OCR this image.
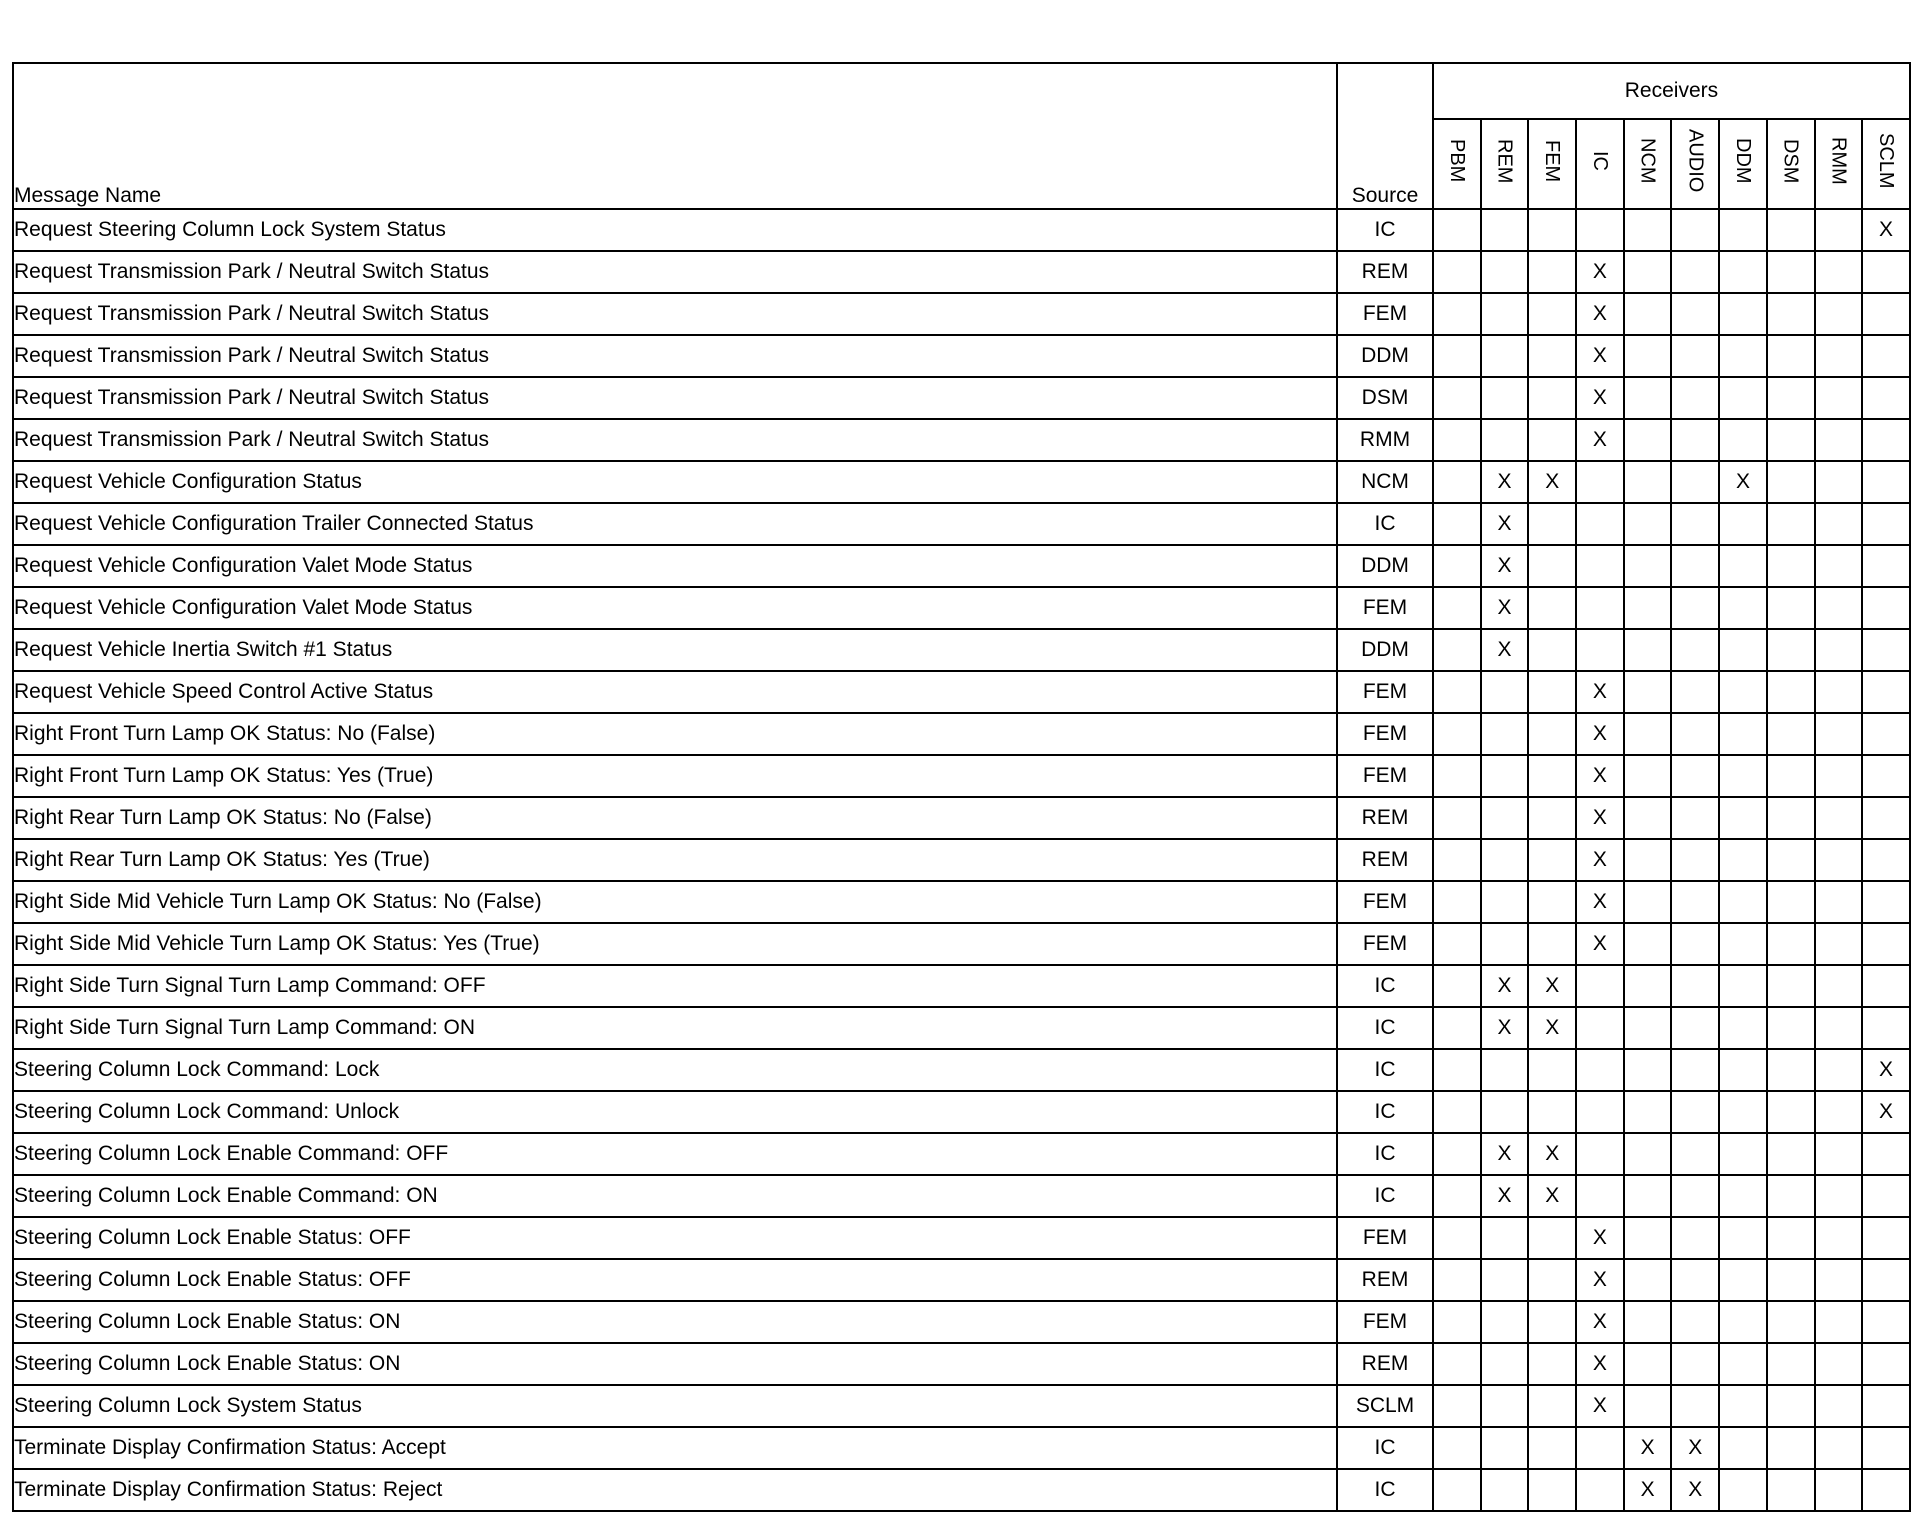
Message Name	Source	Receivers									
		PBM	REM	FEM	IC	NCM	AUDIO	DDM	DSM	RMM	SCLM
Request Steering Column Lock System Status	IC										X
Request Transmission Park / Neutral Switch Status	REM				X						
Request Transmission Park / Neutral Switch Status	FEM				X						
Request Transmission Park / Neutral Switch Status	DDM				X						
Request Transmission Park / Neutral Switch Status	DSM				X						
Request Transmission Park / Neutral Switch Status	RMM				X						
Request Vehicle Configuration Status	NCM		X	X				X			
Request Vehicle Configuration Trailer Connected Status	IC		X								
Request Vehicle Configuration Valet Mode Status	DDM		X								
Request Vehicle Configuration Valet Mode Status	FEM		X								
Request Vehicle Inertia Switch #1 Status	DDM		X								
Request Vehicle Speed Control Active Status	FEM				X						
Right Front Turn Lamp OK Status: No (False)	FEM				X						
Right Front Turn Lamp OK Status: Yes (True)	FEM				X						
Right Rear Turn Lamp OK Status: No (False)	REM				X						
Right Rear Turn Lamp OK Status: Yes (True)	REM				X						
Right Side Mid Vehicle Turn Lamp OK Status: No (False)	FEM				X						
Right Side Mid Vehicle Turn Lamp OK Status: Yes (True)	FEM				X						
Right Side Turn Signal Turn Lamp Command: OFF	IC		X	X							
Right Side Turn Signal Turn Lamp Command: ON	IC		X	X							
Steering Column Lock Command: Lock	IC										X
Steering Column Lock Command: Unlock	IC										X
Steering Column Lock Enable Command: OFF	IC		X	X							
Steering Column Lock Enable Command: ON	IC		X	X							
Steering Column Lock Enable Status: OFF	FEM				X						
Steering Column Lock Enable Status: OFF	REM				X						
Steering Column Lock Enable Status: ON	FEM				X						
Steering Column Lock Enable Status: ON	REM				X						
Steering Column Lock System Status	SCLM				X						
Terminate Display Confirmation Status: Accept	IC					X	X				
Terminate Display Confirmation Status: Reject	IC					X	X				
